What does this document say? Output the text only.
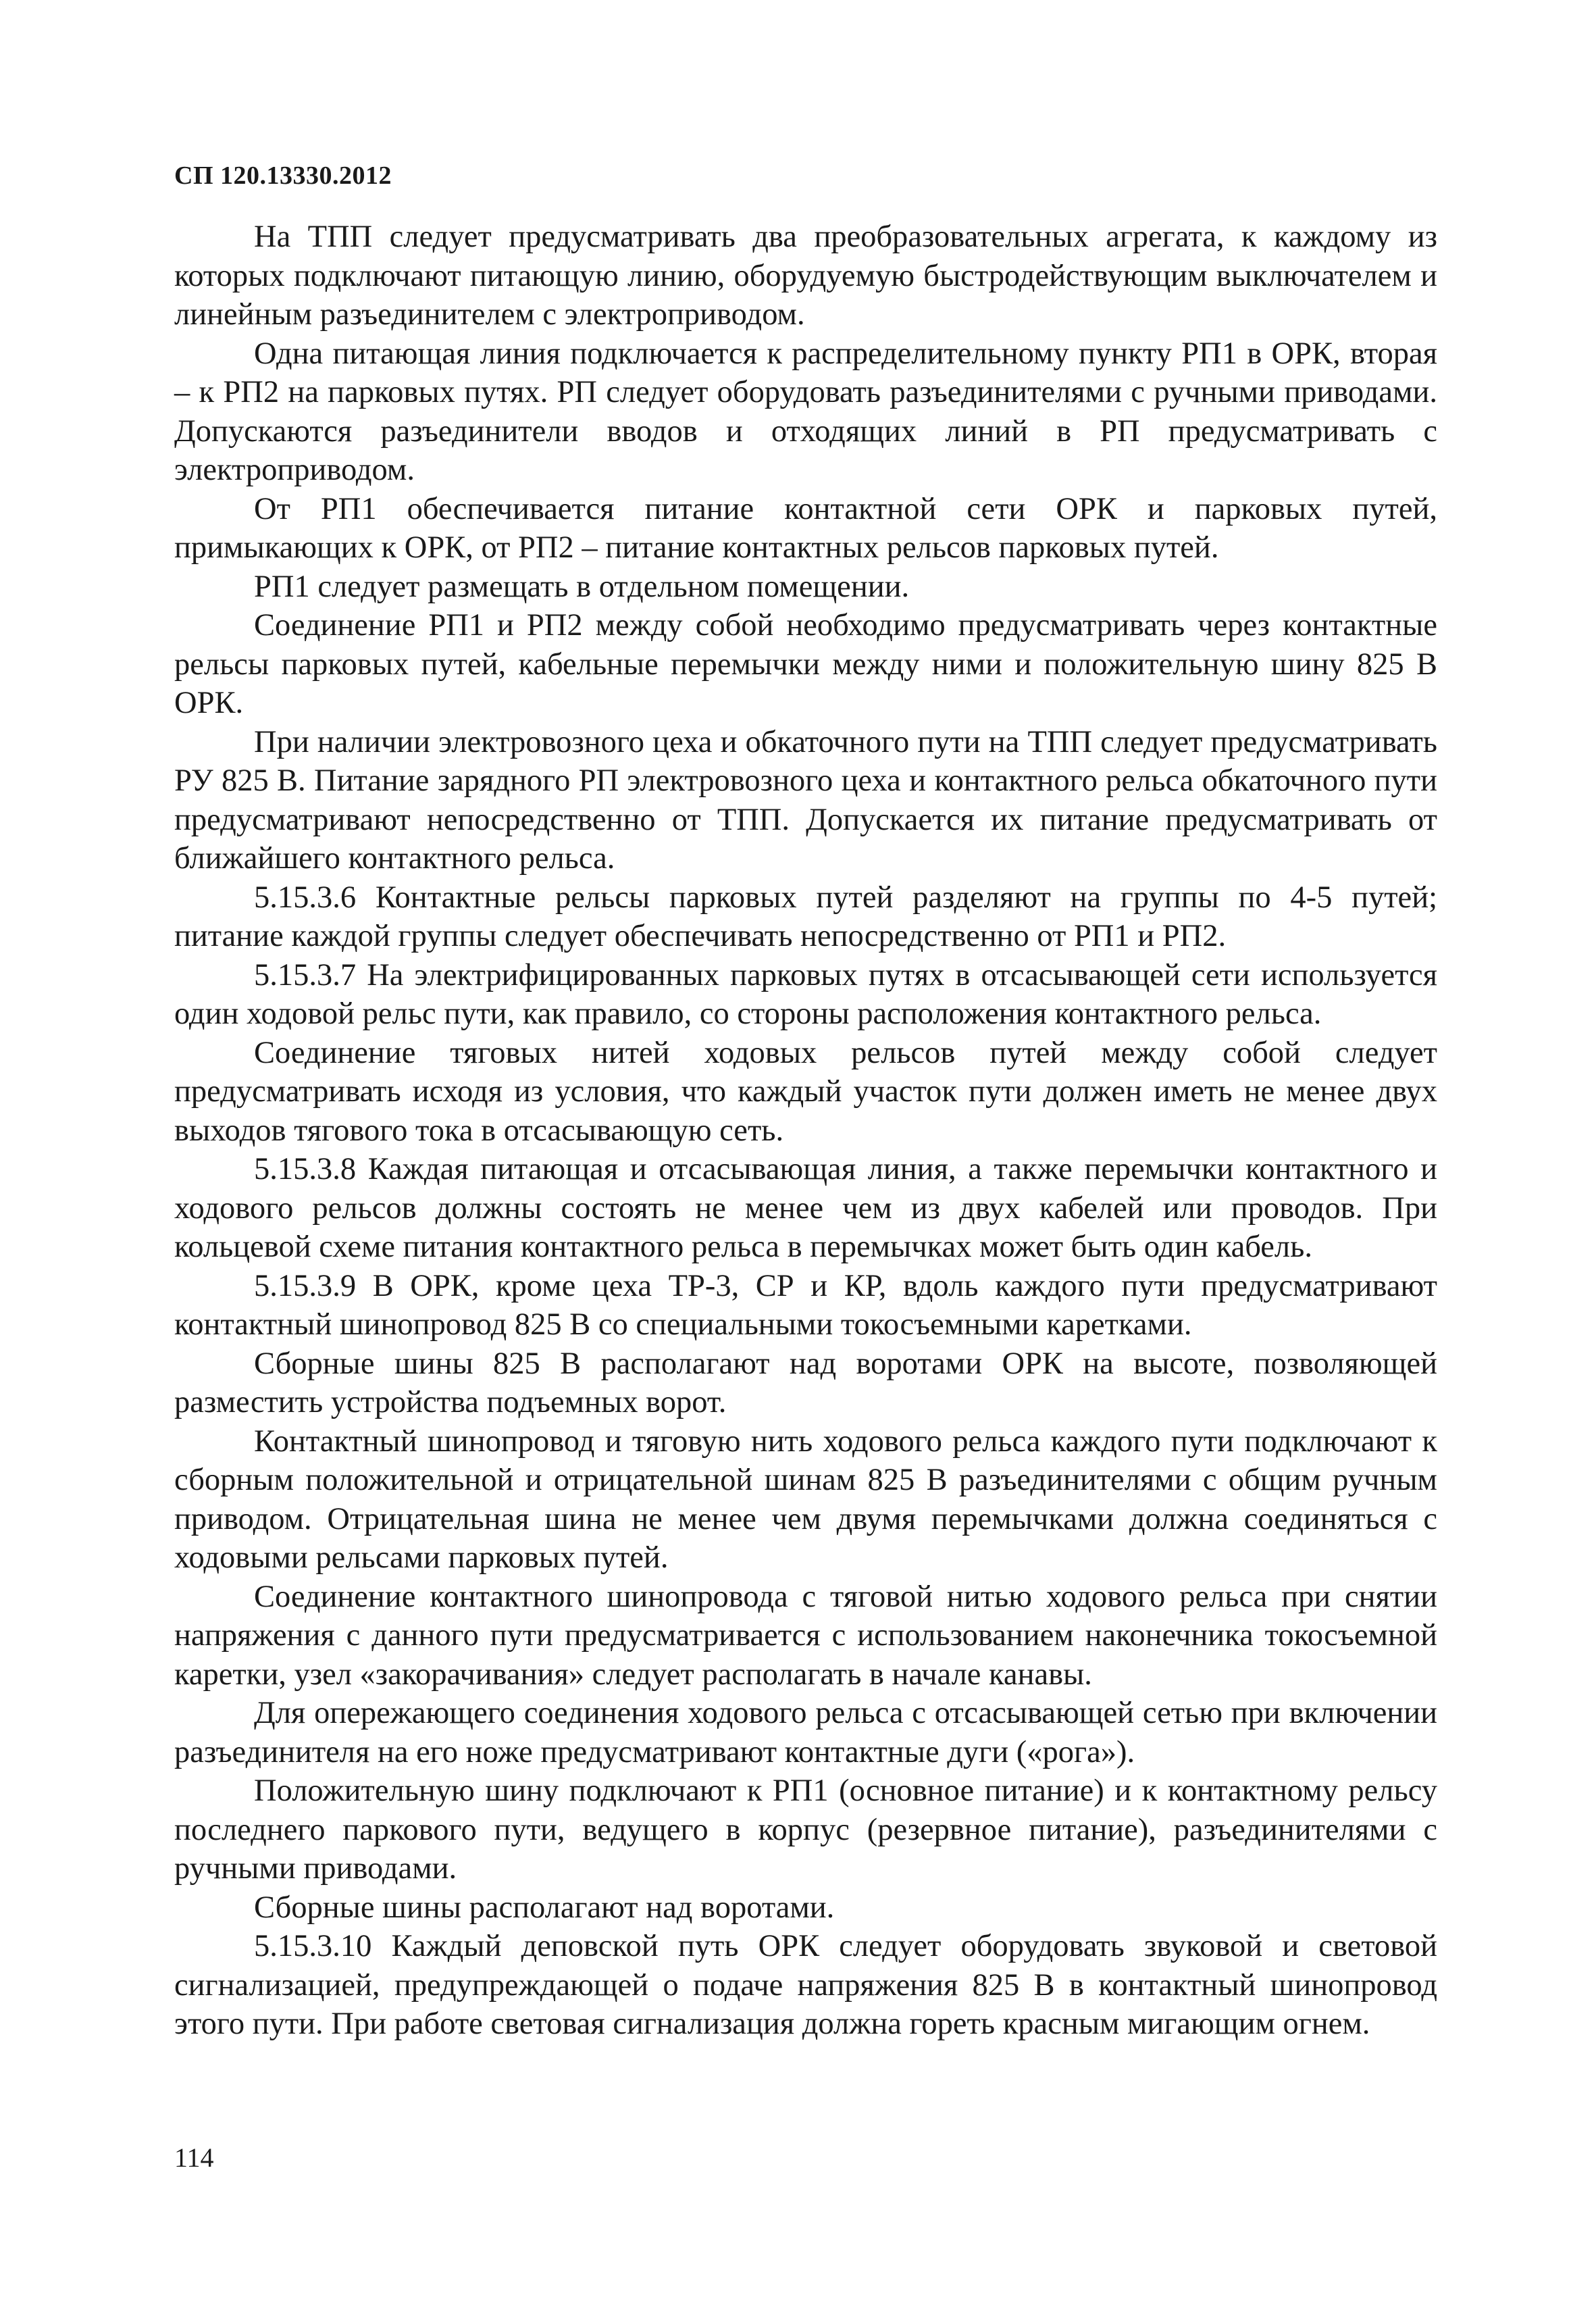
СП 120.13330.2012

На ТПП следует предусматривать два преобразовательных агрегата, к каждому из которых подключают питающую линию, оборудуемую быстродействующим выключателем и линейным разъединителем с электроприводом.

Одна питающая линия подключается к распределительному пункту РП1 в ОРК, вторая – к РП2 на парковых путях. РП следует оборудовать разъединителями с ручными приводами. Допускаются разъединители вводов и отходящих линий в РП предусматривать с электроприводом.

От РП1 обеспечивается питание контактной сети ОРК и парковых путей, примыкающих к ОРК, от РП2 – питание контактных рельсов парковых путей.

РП1 следует размещать в отдельном помещении.

Соединение РП1 и РП2 между собой необходимо предусматривать через контактные рельсы парковых путей, кабельные перемычки между ними и положительную шину 825 В ОРК.

При наличии электровозного цеха и обкаточного пути на ТПП следует предусматривать РУ 825 В. Питание зарядного РП электровозного цеха и контактного рельса обкаточного пути предусматривают непосредственно от ТПП. Допускается их питание предусматривать от ближайшего контактного рельса.

5.15.3.6 Контактные рельсы парковых путей разделяют на группы по 4-5 путей; питание каждой группы следует обеспечивать непосредственно от РП1 и РП2.

5.15.3.7 На электрифицированных парковых путях в отсасывающей сети используется один ходовой рельс пути, как правило, со стороны расположения контактного рельса.

Соединение тяговых нитей ходовых рельсов путей между собой следует предусматривать исходя из условия, что каждый участок пути должен иметь не менее двух выходов тягового тока в отсасывающую сеть.

5.15.3.8 Каждая питающая и отсасывающая линия, а также перемычки контактного и ходового рельсов должны состоять не менее чем из двух кабелей или проводов. При кольцевой схеме питания контактного рельса в перемычках может быть один кабель.

5.15.3.9 В ОРК, кроме цеха ТР-3, СР и КР, вдоль каждого пути предусматривают контактный шинопровод 825 В со специальными токосъемными каретками.

Сборные шины 825 В располагают над воротами ОРК на высоте, позволяющей разместить устройства подъемных ворот.

Контактный шинопровод и тяговую нить ходового рельса каждого пути подключают к сборным положительной и отрицательной шинам 825 В разъединителями с общим ручным приводом. Отрицательная шина не менее чем двумя перемычками должна соединяться с ходовыми рельсами парковых путей.

Соединение контактного шинопровода с тяговой нитью ходового рельса при снятии напряжения с данного пути предусматривается с использованием наконечника токосъемной каретки, узел «закорачивания» следует располагать в начале канавы.

Для опережающего соединения ходового рельса с отсасывающей сетью при включении разъединителя на его ноже предусматривают контактные дуги («рога»).

Положительную шину подключают к РП1 (основное питание) и к контактному рельсу последнего паркового пути, ведущего в корпус (резервное питание), разъединителями с ручными приводами.

Сборные шины располагают над воротами.

5.15.3.10 Каждый деповской путь ОРК следует оборудовать звуковой и световой сигнализацией, предупреждающей о подаче напряжения 825 В в контактный шинопровод этого пути. При работе световая сигнализация должна гореть красным мигающим огнем.

114
